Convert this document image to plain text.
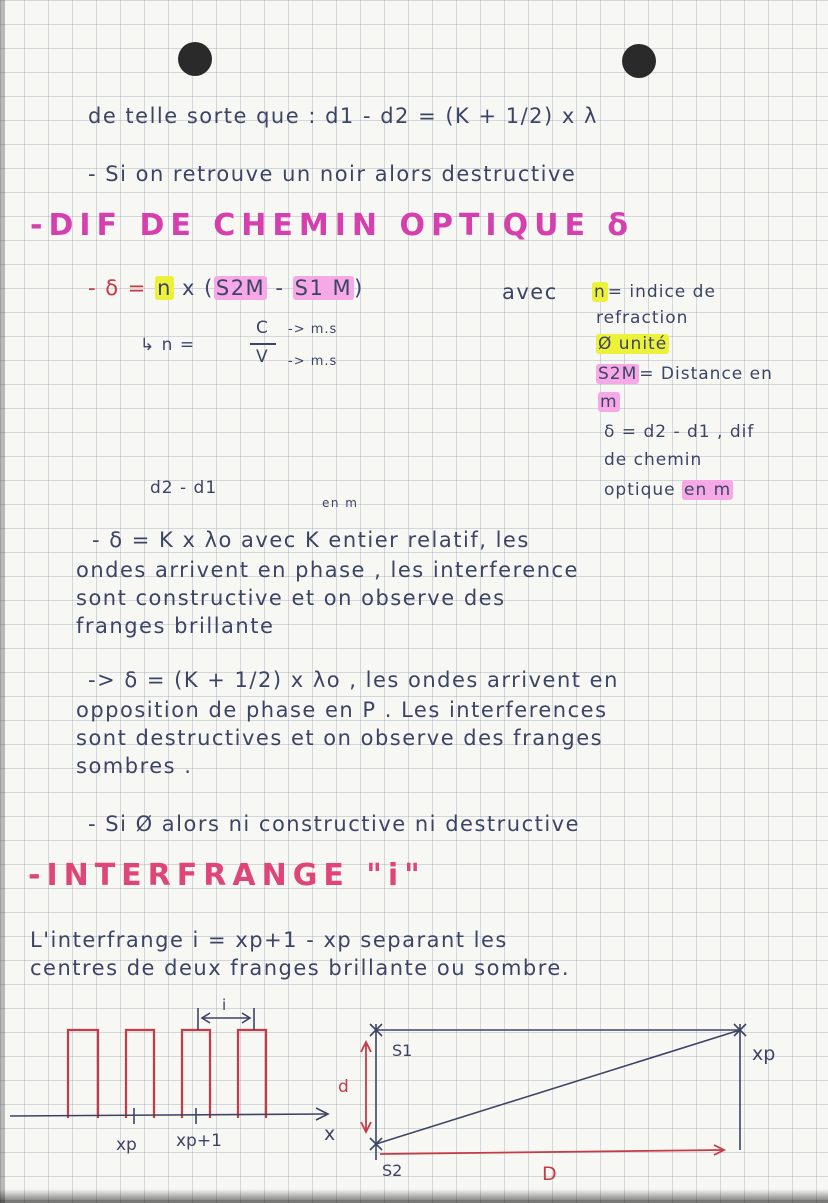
de telle sorte que : d1 - d2 = (K + 1/2) x λ
- Si on retrouve un noir alors destructive
-DIF DE CHEMIN OPTIQUE δ
- δ = n x (S2M - S1 M)	avec
↳ n =
C
V
-> m.s
-> m.s
n = indice de
refraction
Ø unité
S2M = Distance en
m
δ = d2 - d1 , dif
de chemin
optique en m
d2 - d1
en m
- δ = K x λo avec K entier relatif, les
ondes arrivent en phase , les interference
sont constructive et on observe des
franges brillante
-> δ = (K + 1/2) x λo , les ondes arrivent en
opposition de phase en P . Les interferences
sont destructives et on observe des franges
sombres .
- Si Ø alors ni constructive ni destructive
-INTERFRANGE "i"
L'interfrange i = xp+1 - xp separant les
centres de deux franges brillante ou sombre.
i
xp xp+1	x
S1
S2
xp
d
D
